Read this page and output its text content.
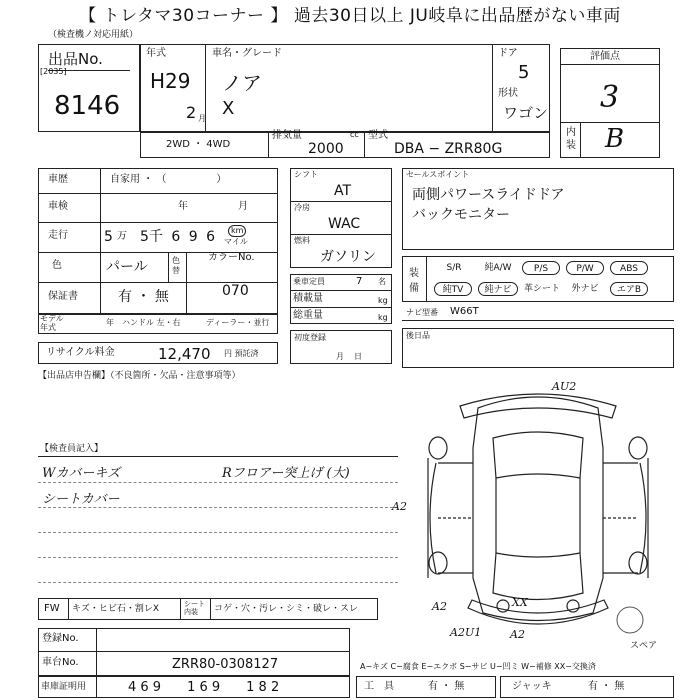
【 トレタマ30コーナー 】 過去30日以上 JU岐阜に出品歴がない車両
（検査機ノ対応用紙）
出品No.
[2035]
8146
年式
H29
2 月
車名・グレード
ノア
X
ドア
5
形状
ワゴン
2WD ・ 4WD
排気量	cc
2000
型式
DBA − ZRR80G
評価点
3
内装 B
車歴	自家用 ・ （　　　　　）
車検	年　　　　　月
走行	5 万 5千 6 9 6	km
マイル
色	パール	色替
カラーNo.
070
保証書	有 ・ 無
モデル年式
年 ハンドル 左・右	ディーラー・並行
リサイクル料金	12,470 円 預託済
【出品店申告欄】（不良箇所・欠品・注意事項等）
【検査員記入】
Wカバーキズ
シートカバー
Rフロアー突上げ (大)
シフト
AT
冷房
WAC
燃料
ガソリン
乗車定員	7 名
積載量	kg
総重量	kg
初度登録
月日
セールスポイント
両側パワースライドドア
バックモニター
装備
S/R	純A/W	P/S	P/W	ABS
純TV	純ナビ	革シート	外ナビ	エアB
ナビ型番 W66T
後日品
AU2
A2
A2
A2U1	A2
XX
スペア
FW キズ・ヒビ石・割レX	シート内装	コゲ・穴・汚レ・シミ・破レ・スレ
登録No.
車台No.	ZRR80-0308127
車庫証明用	4 6 9　　1 6 9　　1 8 2
A−キズ C−腐食 E−エクボ S−サビ U−凹ミ W−補修 XX−交換済
工　具	有 ・ 無	ジャッキ	有 ・ 無
